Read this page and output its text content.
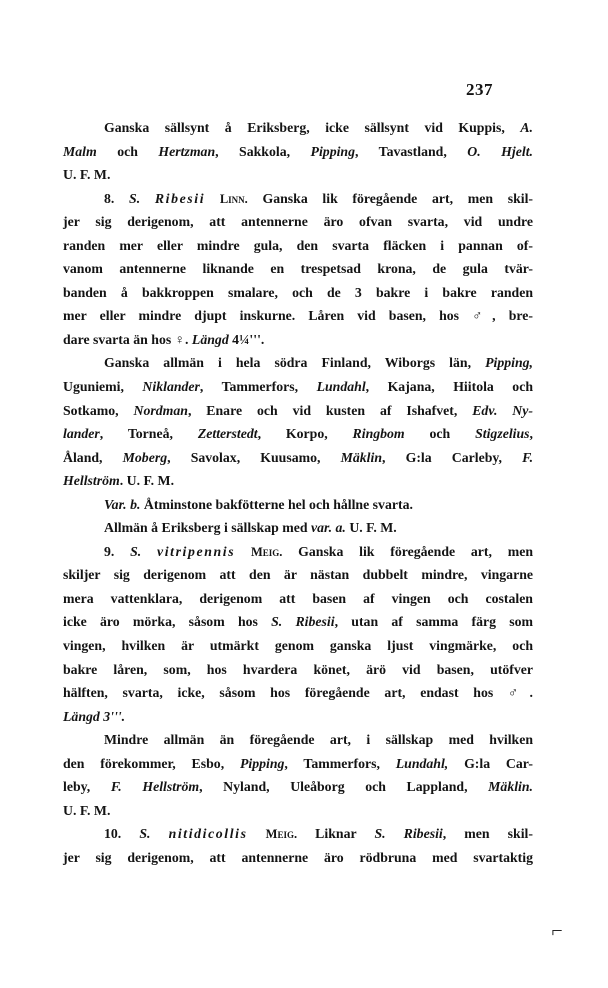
237
Ganska sällsynt å Eriksberg, icke sällsynt vid Kuppis, A.
Malm och Hertzman, Sakkola, Pipping, Tavastland, O. Hjelt.
U. F. M.
8. S. Ribesii Linn. Ganska lik föregående art, men skil-
jer sig derigenom, att antennerne äro ofvan svarta, vid undre
randen mer eller mindre gula, den svarta fläcken i pannan of-
vanom antennerne liknande en trespetsad krona, de gula tvär-
banden å bakkroppen smalare, och de 3 bakre i bakre randen
mer eller mindre djupt inskurne. Låren vid basen, hos ♂, bre-
dare svarta än hos ♀. Längd 4¼'''.
Ganska allmän i hela södra Finland, Wiborgs län, Pipping,
Uguniemi, Niklander, Tammerfors, Lundahl, Kajana, Hiitola och
Sotkamo, Nordman, Enare och vid kusten af Ishafvet, Edv. Ny-
lander, Torneå, Zetterstedt, Korpo, Ringbom och Stigzelius,
Åland, Moberg, Savolax, Kuusamo, Mäklin, G:la Carleby, F.
Hellström. U. F. M.
Var. b. Åtminstone bakfötterne hel och hållne svarta.
Allmän å Eriksberg i sällskap med var. a. U. F. M.
9. S. vitripennis Meig. Ganska lik föregående art, men
skiljer sig derigenom att den är nästan dubbelt mindre, vingarne
mera vattenklara, derigenom att basen af vingen och costalen
icke äro mörka, såsom hos S. Ribesii, utan af samma färg som
vingen, hvilken är utmärkt genom ganska ljust vingmärke, och
bakre låren, som, hos hvardera könet, ärö vid basen, utöfver
hälften, svarta, icke, såsom hos föregående art, endast hos ♂.
Längd 3'''.
Mindre allmän än föregående art, i sällskap med hvilken
den förekommer, Esbo, Pipping, Tammerfors, Lundahl, G:la Car-
leby, F. Hellström, Nyland, Uleåborg och Lappland, Mäklin.
U. F. M.
10. S. nitidicollis Meig. Liknar S. Ribesii, men skil-
jer sig derigenom, att antennerne äro rödbruna med svartaktig
⌐
